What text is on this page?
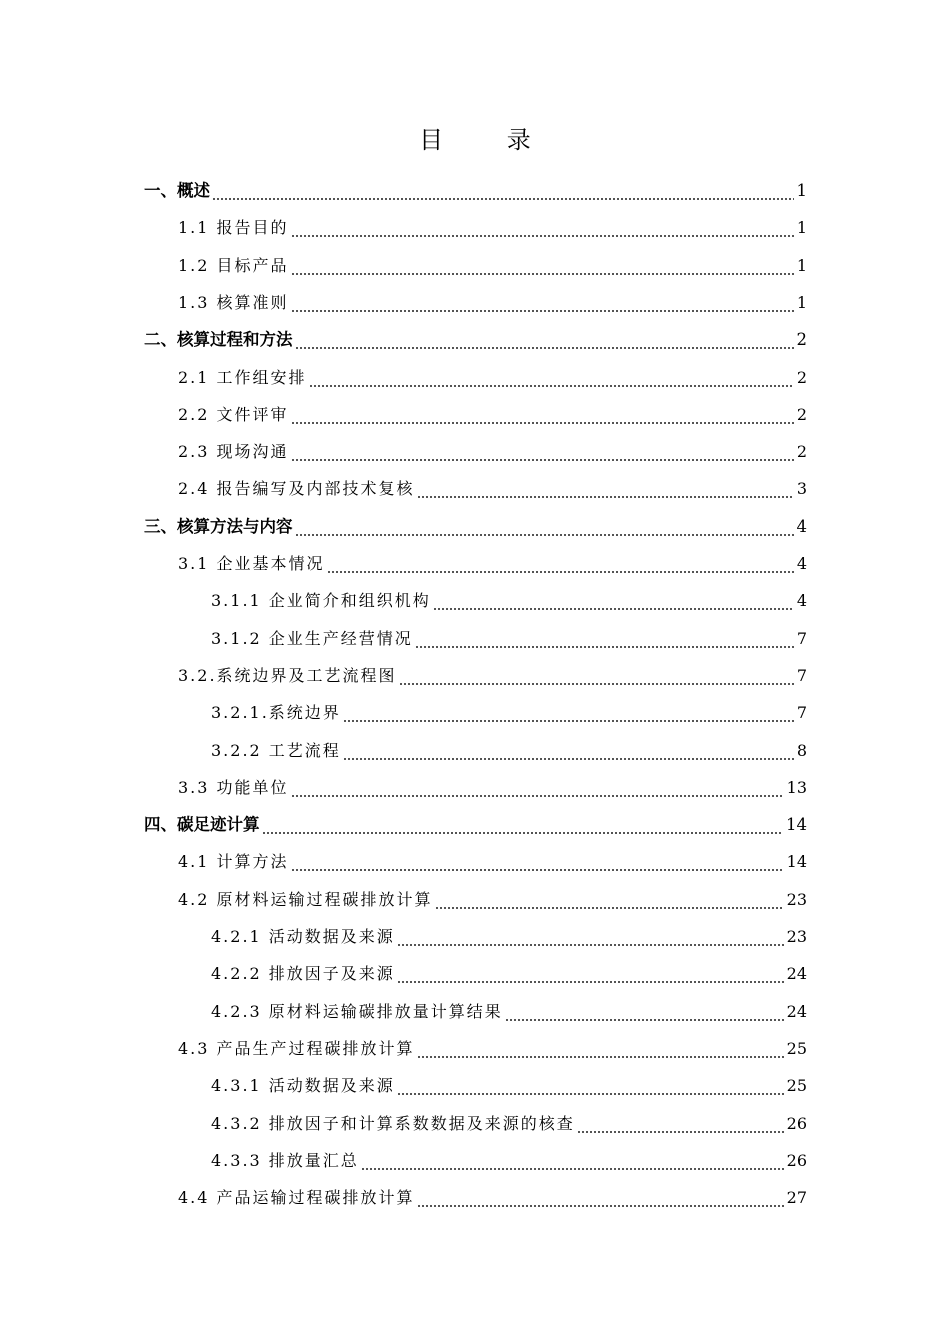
目 录
一、概述	1
1.1 报告目的	1
1.2 目标产品	1
1.3 核算准则	1
二、核算过程和方法	2
2.1 工作组安排	2
2.2 文件评审	2
2.3 现场沟通	2
2.4 报告编写及内部技术复核	3
三、核算方法与内容	4
3.1 企业基本情况	4
3.1.1 企业简介和组织机构	4
3.1.2 企业生产经营情况	7
3.2.系统边界及工艺流程图	7
3.2.1.系统边界	7
3.2.2 工艺流程	8
3.3 功能单位	13
四、碳足迹计算	14
4.1 计算方法	14
4.2 原材料运输过程碳排放计算	23
4.2.1 活动数据及来源	23
4.2.2 排放因子及来源	24
4.2.3 原材料运输碳排放量计算结果	24
4.3 产品生产过程碳排放计算	25
4.3.1 活动数据及来源	25
4.3.2 排放因子和计算系数数据及来源的核查	26
4.3.3 排放量汇总	26
4.4 产品运输过程碳排放计算	27
